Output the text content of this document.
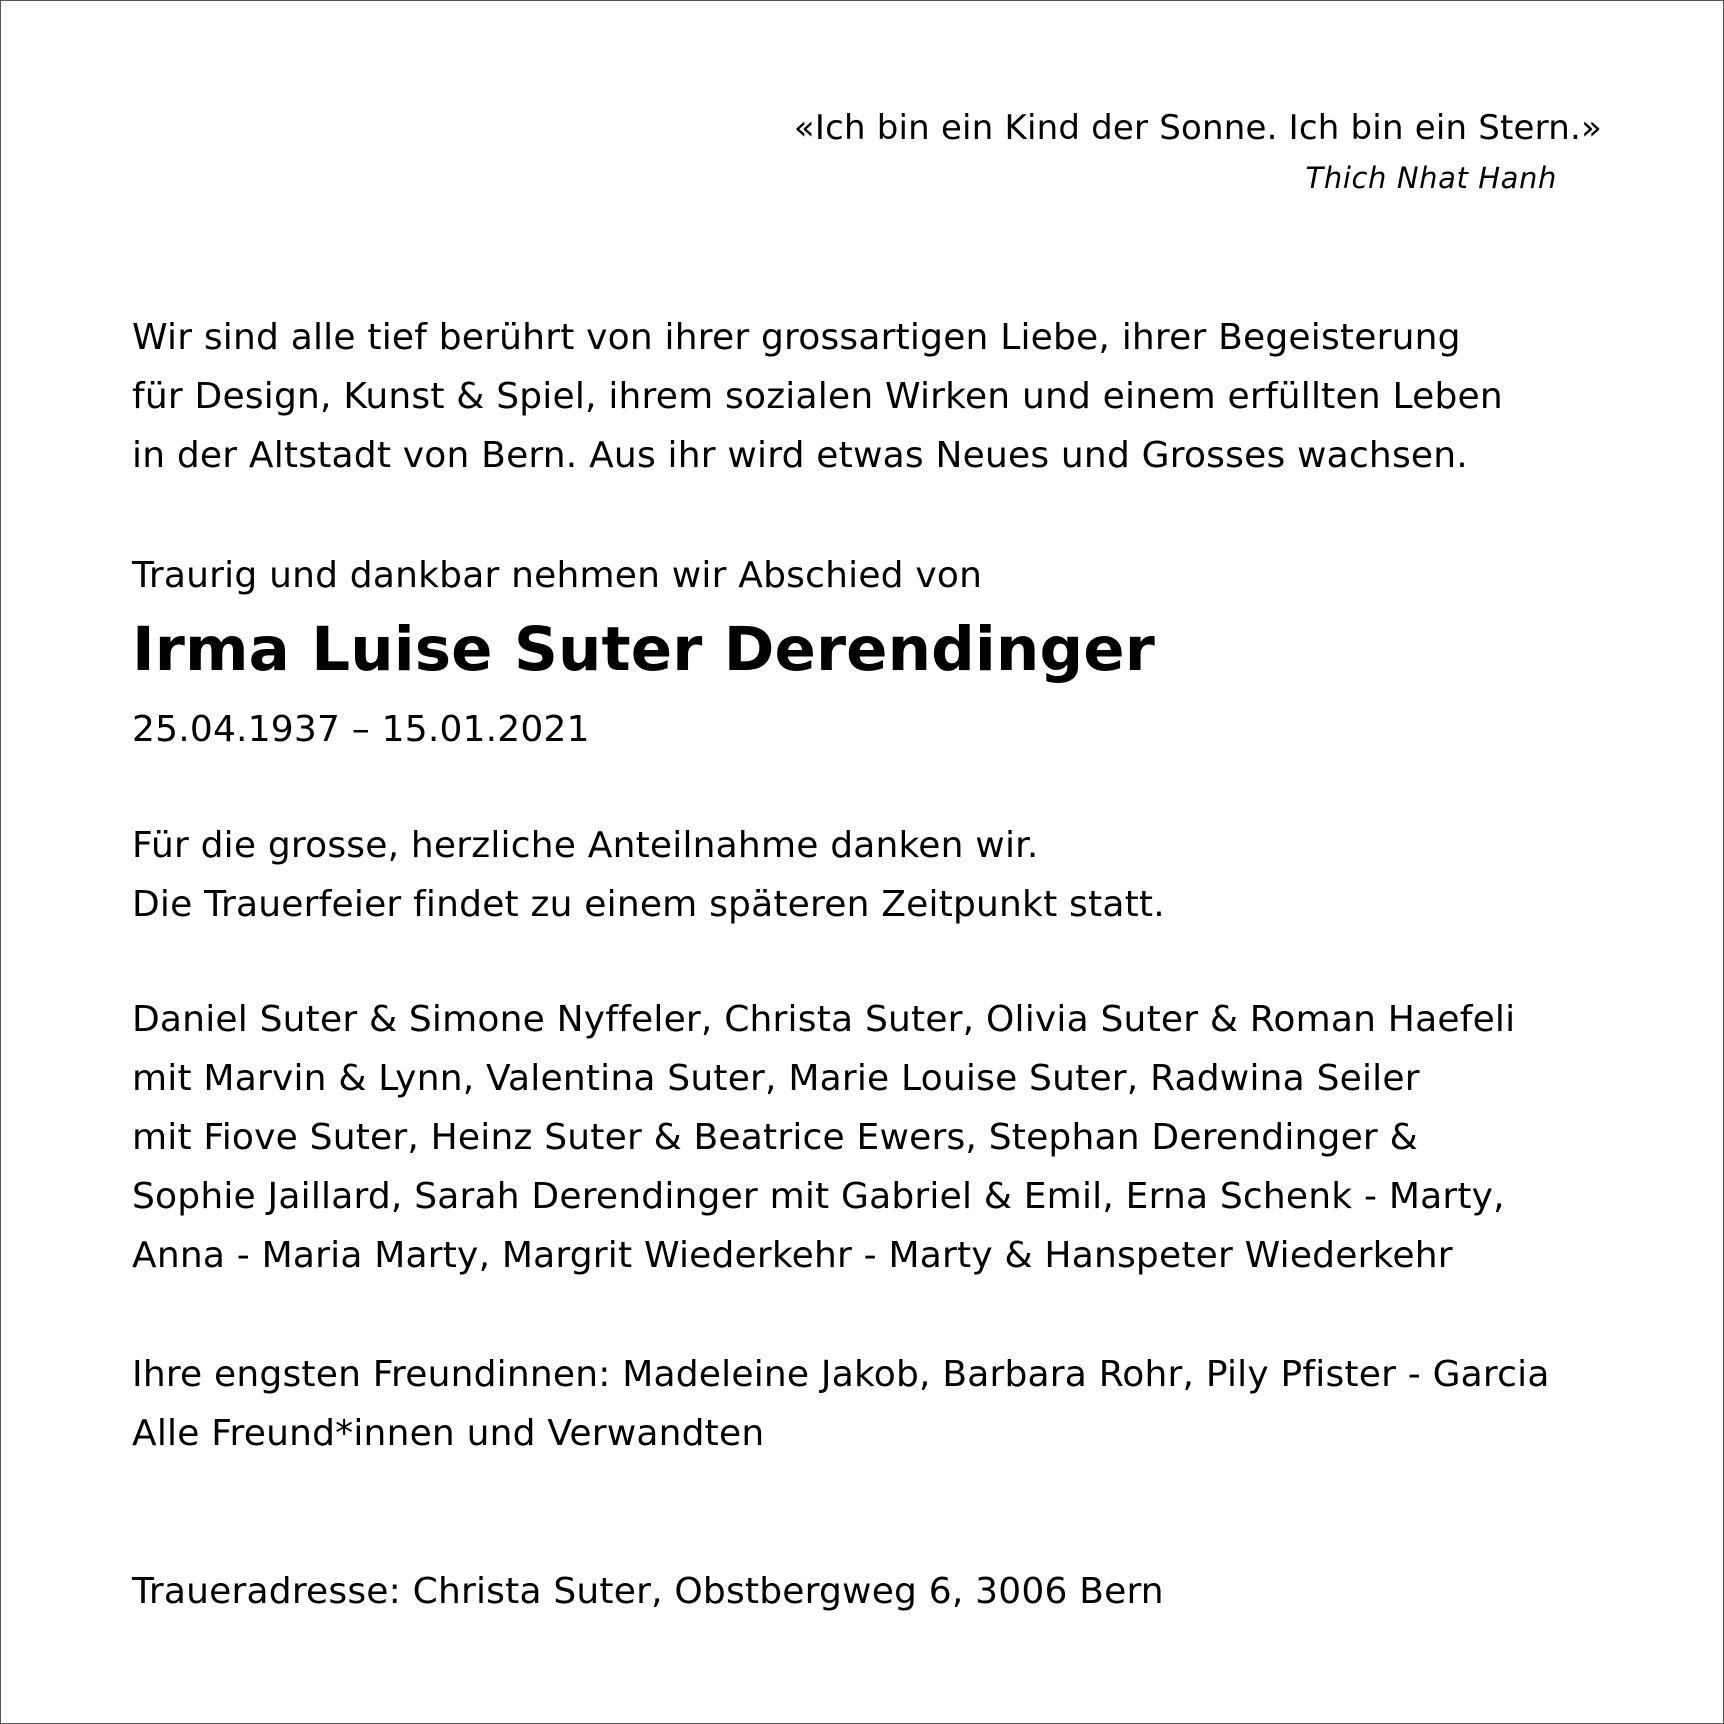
«Ich bin ein Kind der Sonne. Ich bin ein Stern.»
Thich Nhat Hanh
Wir sind alle tief berührt von ihrer grossartigen Liebe, ihrer Begeisterung
für Design, Kunst & Spiel, ihrem sozialen Wirken und einem erfüllten Leben
in der Altstadt von Bern. Aus ihr wird etwas Neues und Grosses wachsen.
Traurig und dankbar nehmen wir Abschied von
Irma Luise Suter Derendinger
25.04.1937 – 15.01.2021
Für die grosse, herzliche Anteilnahme danken wir.
Die Trauerfeier findet zu einem späteren Zeitpunkt statt.
Daniel Suter & Simone Nyffeler, Christa Suter, Olivia Suter & Roman Haefeli
mit Marvin & Lynn, Valentina Suter, Marie Louise Suter, Radwina Seiler
mit Fiove Suter, Heinz Suter & Beatrice Ewers, Stephan Derendinger &
Sophie Jaillard, Sarah Derendinger mit Gabriel & Emil, Erna Schenk - Marty,
Anna - Maria Marty, Margrit Wiederkehr - Marty & Hanspeter Wiederkehr
Ihre engsten Freundinnen: Madeleine Jakob, Barbara Rohr, Pily Pfister - Garcia
Alle Freund*innen und Verwandten
Traueradresse: Christa Suter, Obstbergweg 6, 3006 Bern
